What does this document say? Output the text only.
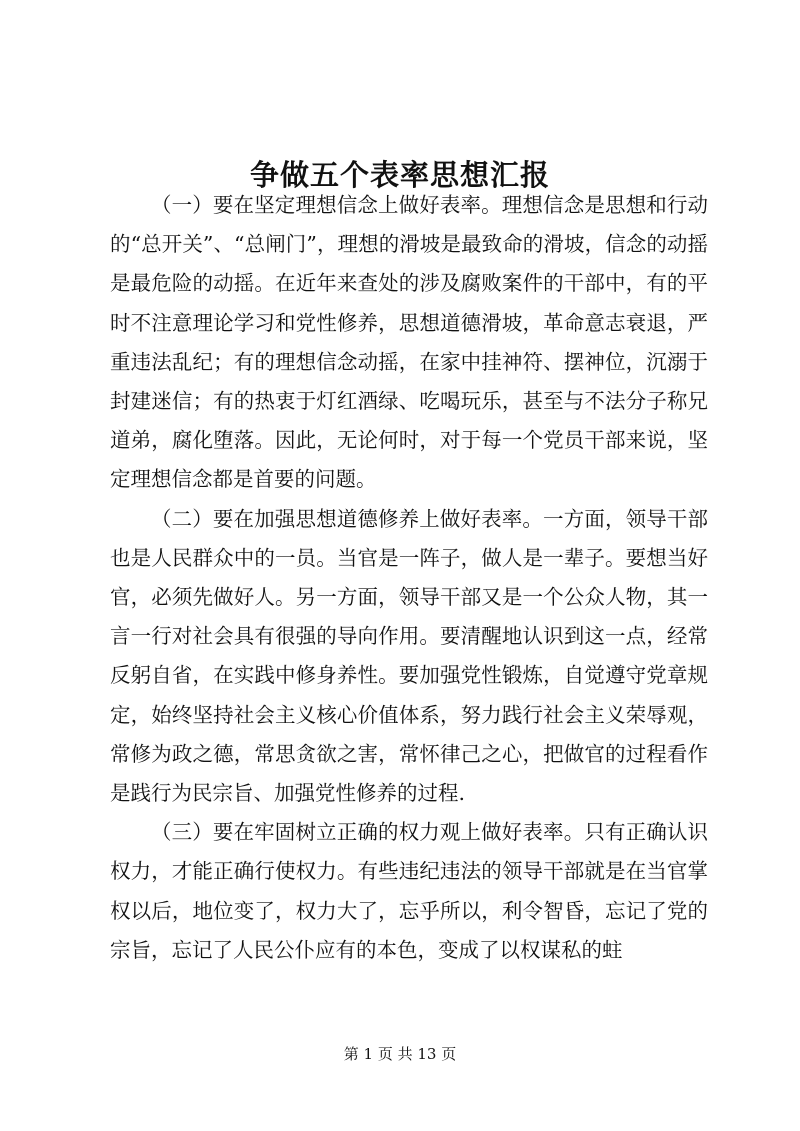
争做五个表率思想汇报

（一）要在坚定理想信念上做好表率。理想信念是思想和行动的“总开关”、“总闸门”，理想的滑坡是最致命的滑坡，信念的动摇是最危险的动摇。在近年来查处的涉及腐败案件的干部中，有的平时不注意理论学习和党性修养，思想道德滑坡，革命意志衰退，严重违法乱纪；有的理想信念动摇，在家中挂神符、摆神位，沉溺于封建迷信；有的热衷于灯红酒绿、吃喝玩乐，甚至与不法分子称兄道弟，腐化堕落。因此，无论何时，对于每一个党员干部来说，坚定理想信念都是首要的问题。

（二）要在加强思想道德修养上做好表率。一方面，领导干部也是人民群众中的一员。当官是一阵子，做人是一辈子。要想当好官，必须先做好人。另一方面，领导干部又是一个公众人物，其一言一行对社会具有很强的导向作用。要清醒地认识到这一点，经常反躬自省，在实践中修身养性。要加强党性锻炼，自觉遵守党章规定，始终坚持社会主义核心价值体系，努力践行社会主义荣辱观，常修为政之德，常思贪欲之害，常怀律己之心，把做官的过程看作是践行为民宗旨、加强党性修养的过程.

（三）要在牢固树立正确的权力观上做好表率。只有正确认识权力，才能正确行使权力。有些违纪违法的领导干部就是在当官掌权以后，地位变了，权力大了，忘乎所以，利令智昏，忘记了党的宗旨，忘记了人民公仆应有的本色，变成了以权谋私的蛀

第 1 页 共 13 页
